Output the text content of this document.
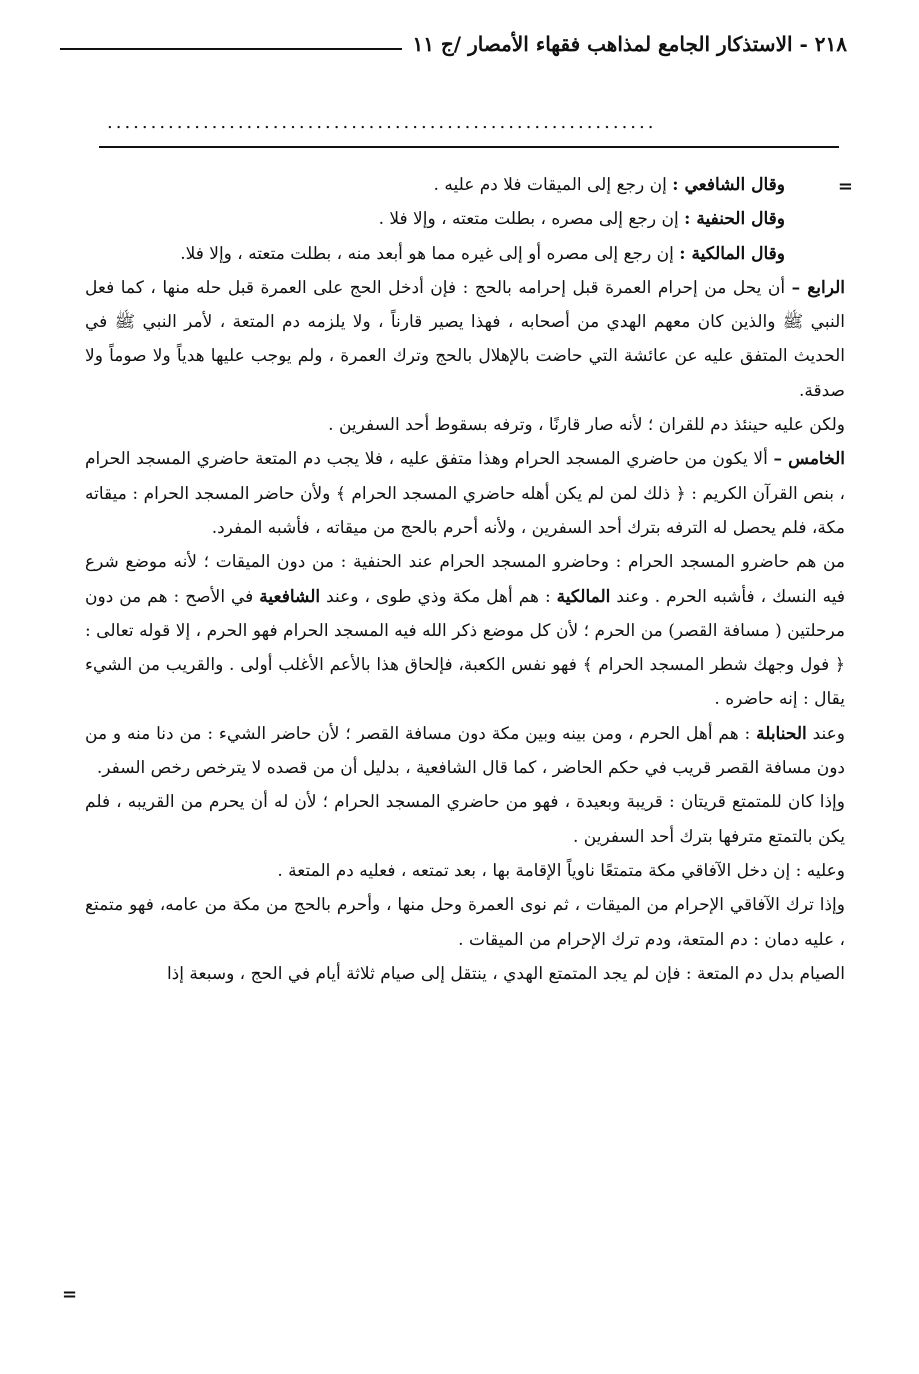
٢١٨ - الاستذكار الجامع لمذاهب فقهاء الأمصار /ج ١١
...............................................................
=

وقال الشافعي : إن رجع إلى الميقات فلا دم عليه .

وقال الحنفية : إن رجع إلى مصره ، بطلت متعته ، وإلا فلا .

وقال المالكية : إن رجع إلى مصره أو إلى غيره مما هو أبعد منه ، بطلت متعته ، وإلا فلا.

الرابع – أن يحل من إحرام العمرة قبل إحرامه بالحج : فإن أدخل الحج على العمرة قبل حله منها ، كما فعل النبي ﷺ والذين كان معهم الهدي من أصحابه ، فهذا يصير قارناً ، ولا يلزمه دم المتعة ، لأمر النبي ﷺ في الحديث المتفق عليه عن عائشة التي حاضت بالإهلال بالحج وترك العمرة ، ولم يوجب عليها هدياً ولا صوماً ولا صدقة.

ولكن عليه حينئذ دم للقران ؛ لأنه صار قارنًا ، وترفه بسقوط أحد السفرين .

الخامس – ألا يكون من حاضري المسجد الحرام وهذا متفق عليه ، فلا يجب دم المتعة حاضري المسجد الحرام ، بنص القرآن الكريم : ﴿ ذلك لمن لم يكن أهله حاضري المسجد الحرام ﴾ ولأن حاضر المسجد الحرام : ميقاته مكة، فلم يحصل له الترفه بترك أحد السفرين ، ولأنه أحرم بالحج من ميقاته ، فأشبه المفرد.

من هم حاضرو المسجد الحرام : وحاضرو المسجد الحرام عند الحنفية : من دون الميقات ؛ لأنه موضع شرع فيه النسك ، فأشبه الحرم . وعند المالكية : هم أهل مكة وذي طوى ، وعند الشافعية في الأصح : هم من دون مرحلتين ( مسافة القصر) من الحرم ؛ لأن كل موضع ذكر الله فيه المسجد الحرام فهو الحرم ، إلا قوله تعالى : ﴿ فول وجهك شطر المسجد الحرام ﴾ فهو نفس الكعبة، فإلحاق هذا بالأعم الأغلب أولى . والقريب من الشيء يقال : إنه حاضره .

وعند الحنابلة : هم أهل الحرم ، ومن بينه وبين مكة دون مسافة القصر ؛ لأن حاضر الشيء : من دنا منه و من دون مسافة القصر قريب في حكم الحاضر ، كما قال الشافعية ، بدليل أن من قصده لا يترخص رخص السفر.

وإذا كان للمتمتع قريتان : قريبة وبعيدة ، فهو من حاضري المسجد الحرام ؛ لأن له أن يحرم من القريبه ، فلم يكن بالتمتع مترفها بترك أحد السفرين .

وعليه : إن دخل الآفاقي مكة متمتعًا ناوياً الإقامة بها ، بعد تمتعه ، فعليه دم المتعة .

وإذا ترك الآفاقي الإحرام من الميقات ، ثم نوى العمرة وحل منها ، وأحرم بالحج من مكة من عامه، فهو متمتع ، عليه دمان : دم المتعة، ودم ترك الإحرام من الميقات .

الصيام بدل دم المتعة : فإن لم يجد المتمتع الهدي ، ينتقل إلى صيام ثلاثة أيام في الحج ، وسبعة إذا

=
